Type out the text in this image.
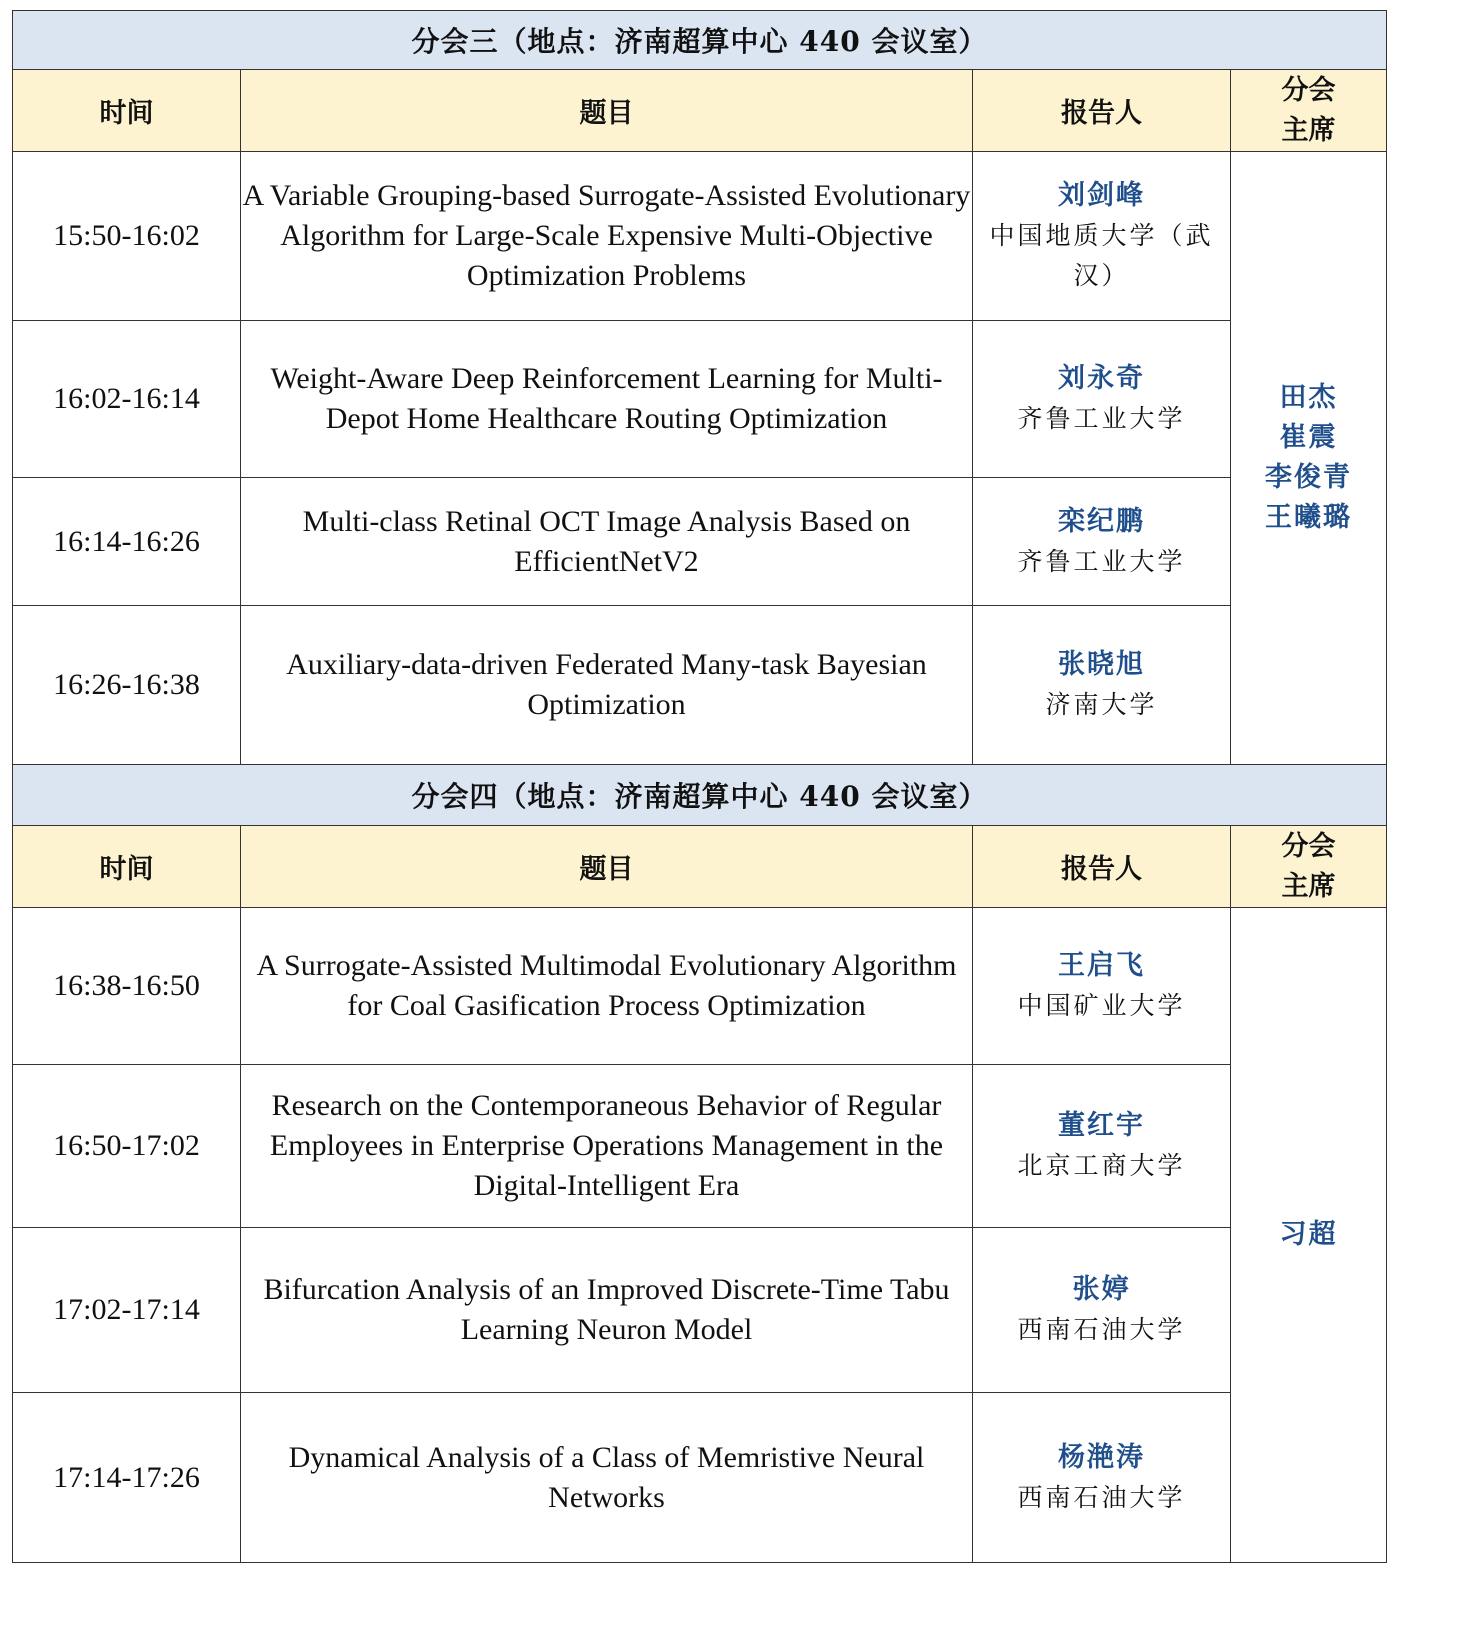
分会三（地点：济南超算中心 440 会议室）			
时间	题目	报告人	分会
主席

15:50-16:02	A Variable Grouping-based Surrogate-Assisted Evolutionary Algorithm for Large-Scale Expensive Multi-Objective Optimization Problems	刘剑峰
中国地质大学（武汉）	田杰
崔震
李俊青
王曦璐

16:02-16:14	Weight-Aware Deep Reinforcement Learning for Multi-Depot Home Healthcare Routing Optimization	刘永奇
齐鲁工业大学	

16:14-16:26	Multi-class Retinal OCT Image Analysis Based on EfficientNetV2	栾纪鹏
齐鲁工业大学	

16:26-16:38	Auxiliary-data-driven Federated Many-task Bayesian Optimization	张晓旭
济南大学	

分会四（地点：济南超算中心 440 会议室）			
时间	题目	报告人	分会
主席

16:38-16:50	A Surrogate-Assisted Multimodal Evolutionary Algorithm for Coal Gasification Process Optimization	王启飞
中国矿业大学	习超

16:50-17:02	Research on the Contemporaneous Behavior of Regular Employees in Enterprise Operations Management in the Digital-Intelligent Era	董红宇
北京工商大学	

17:02-17:14	Bifurcation Analysis of an Improved Discrete-Time Tabu Learning Neuron Model	张婷
西南石油大学	

17:14-17:26	Dynamical Analysis of a Class of Memristive Neural Networks	杨滟涛
西南石油大学	
